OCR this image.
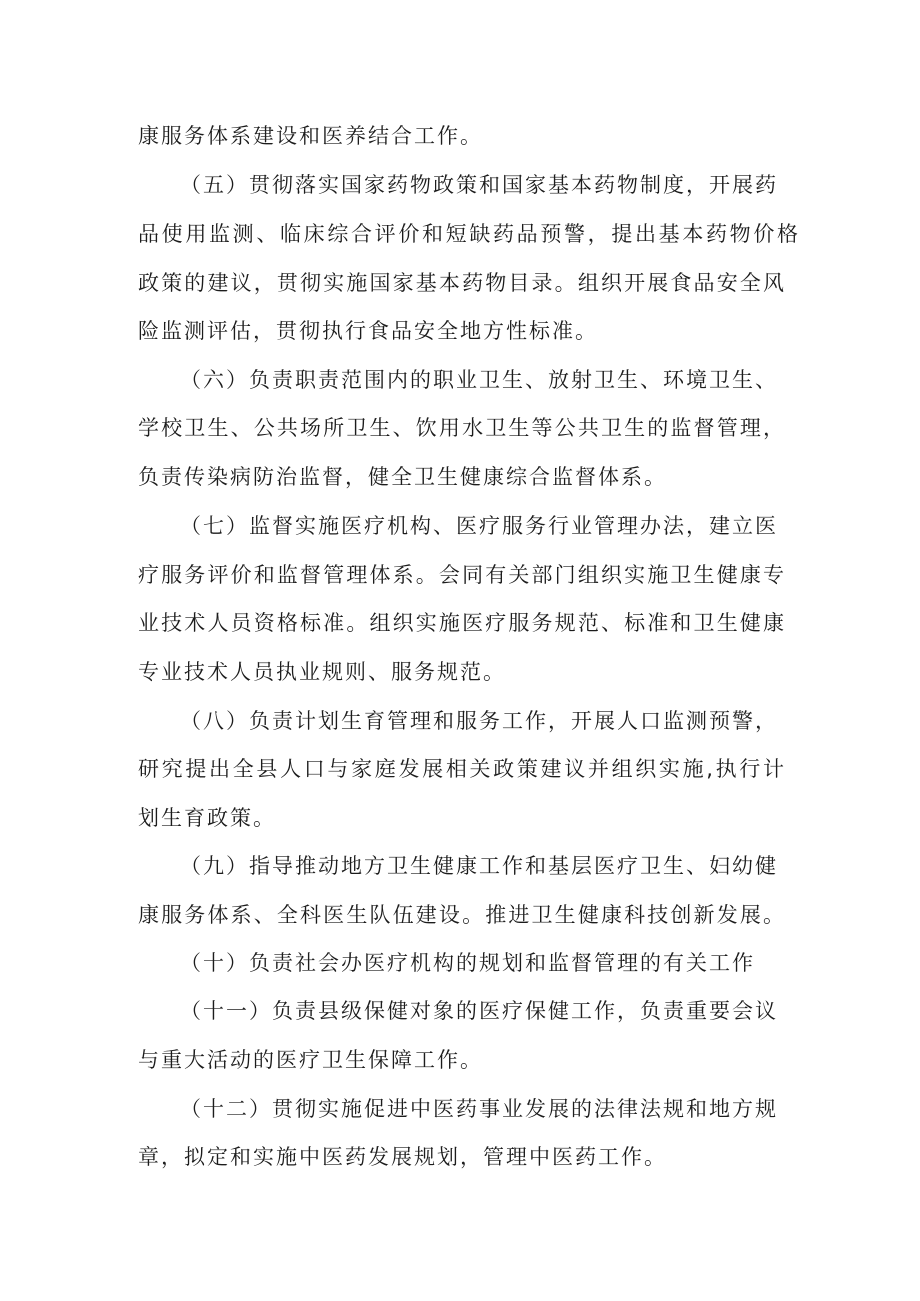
康服务体系建设和医养结合工作。

（五）贯彻落实国家药物政策和国家基本药物制度，开展药

品使用监测、临床综合评价和短缺药品预警，提出基本药物价格

政策的建议，贯彻实施国家基本药物目录。组织开展食品安全风

险监测评估，贯彻执行食品安全地方性标准。

（六）负责职责范围内的职业卫生、放射卫生、环境卫生、

学校卫生、公共场所卫生、饮用水卫生等公共卫生的监督管理，

负责传染病防治监督，健全卫生健康综合监督体系。

（七）监督实施医疗机构、医疗服务行业管理办法，建立医

疗服务评价和监督管理体系。会同有关部门组织实施卫生健康专

业技术人员资格标准。组织实施医疗服务规范、标准和卫生健康

专业技术人员执业规则、服务规范。

（八）负责计划生育管理和服务工作，开展人口监测预警，

研究提出全县人口与家庭发展相关政策建议并组织实施,执行计

划生育政策。

（九）指导推动地方卫生健康工作和基层医疗卫生、妇幼健

康服务体系、全科医生队伍建设。推进卫生健康科技创新发展。

（十）负责社会办医疗机构的规划和监督管理的有关工作

（十一）负责县级保健对象的医疗保健工作，负责重要会议

与重大活动的医疗卫生保障工作。

（十二）贯彻实施促进中医药事业发展的法律法规和地方规

章，拟定和实施中医药发展规划，管理中医药工作。
